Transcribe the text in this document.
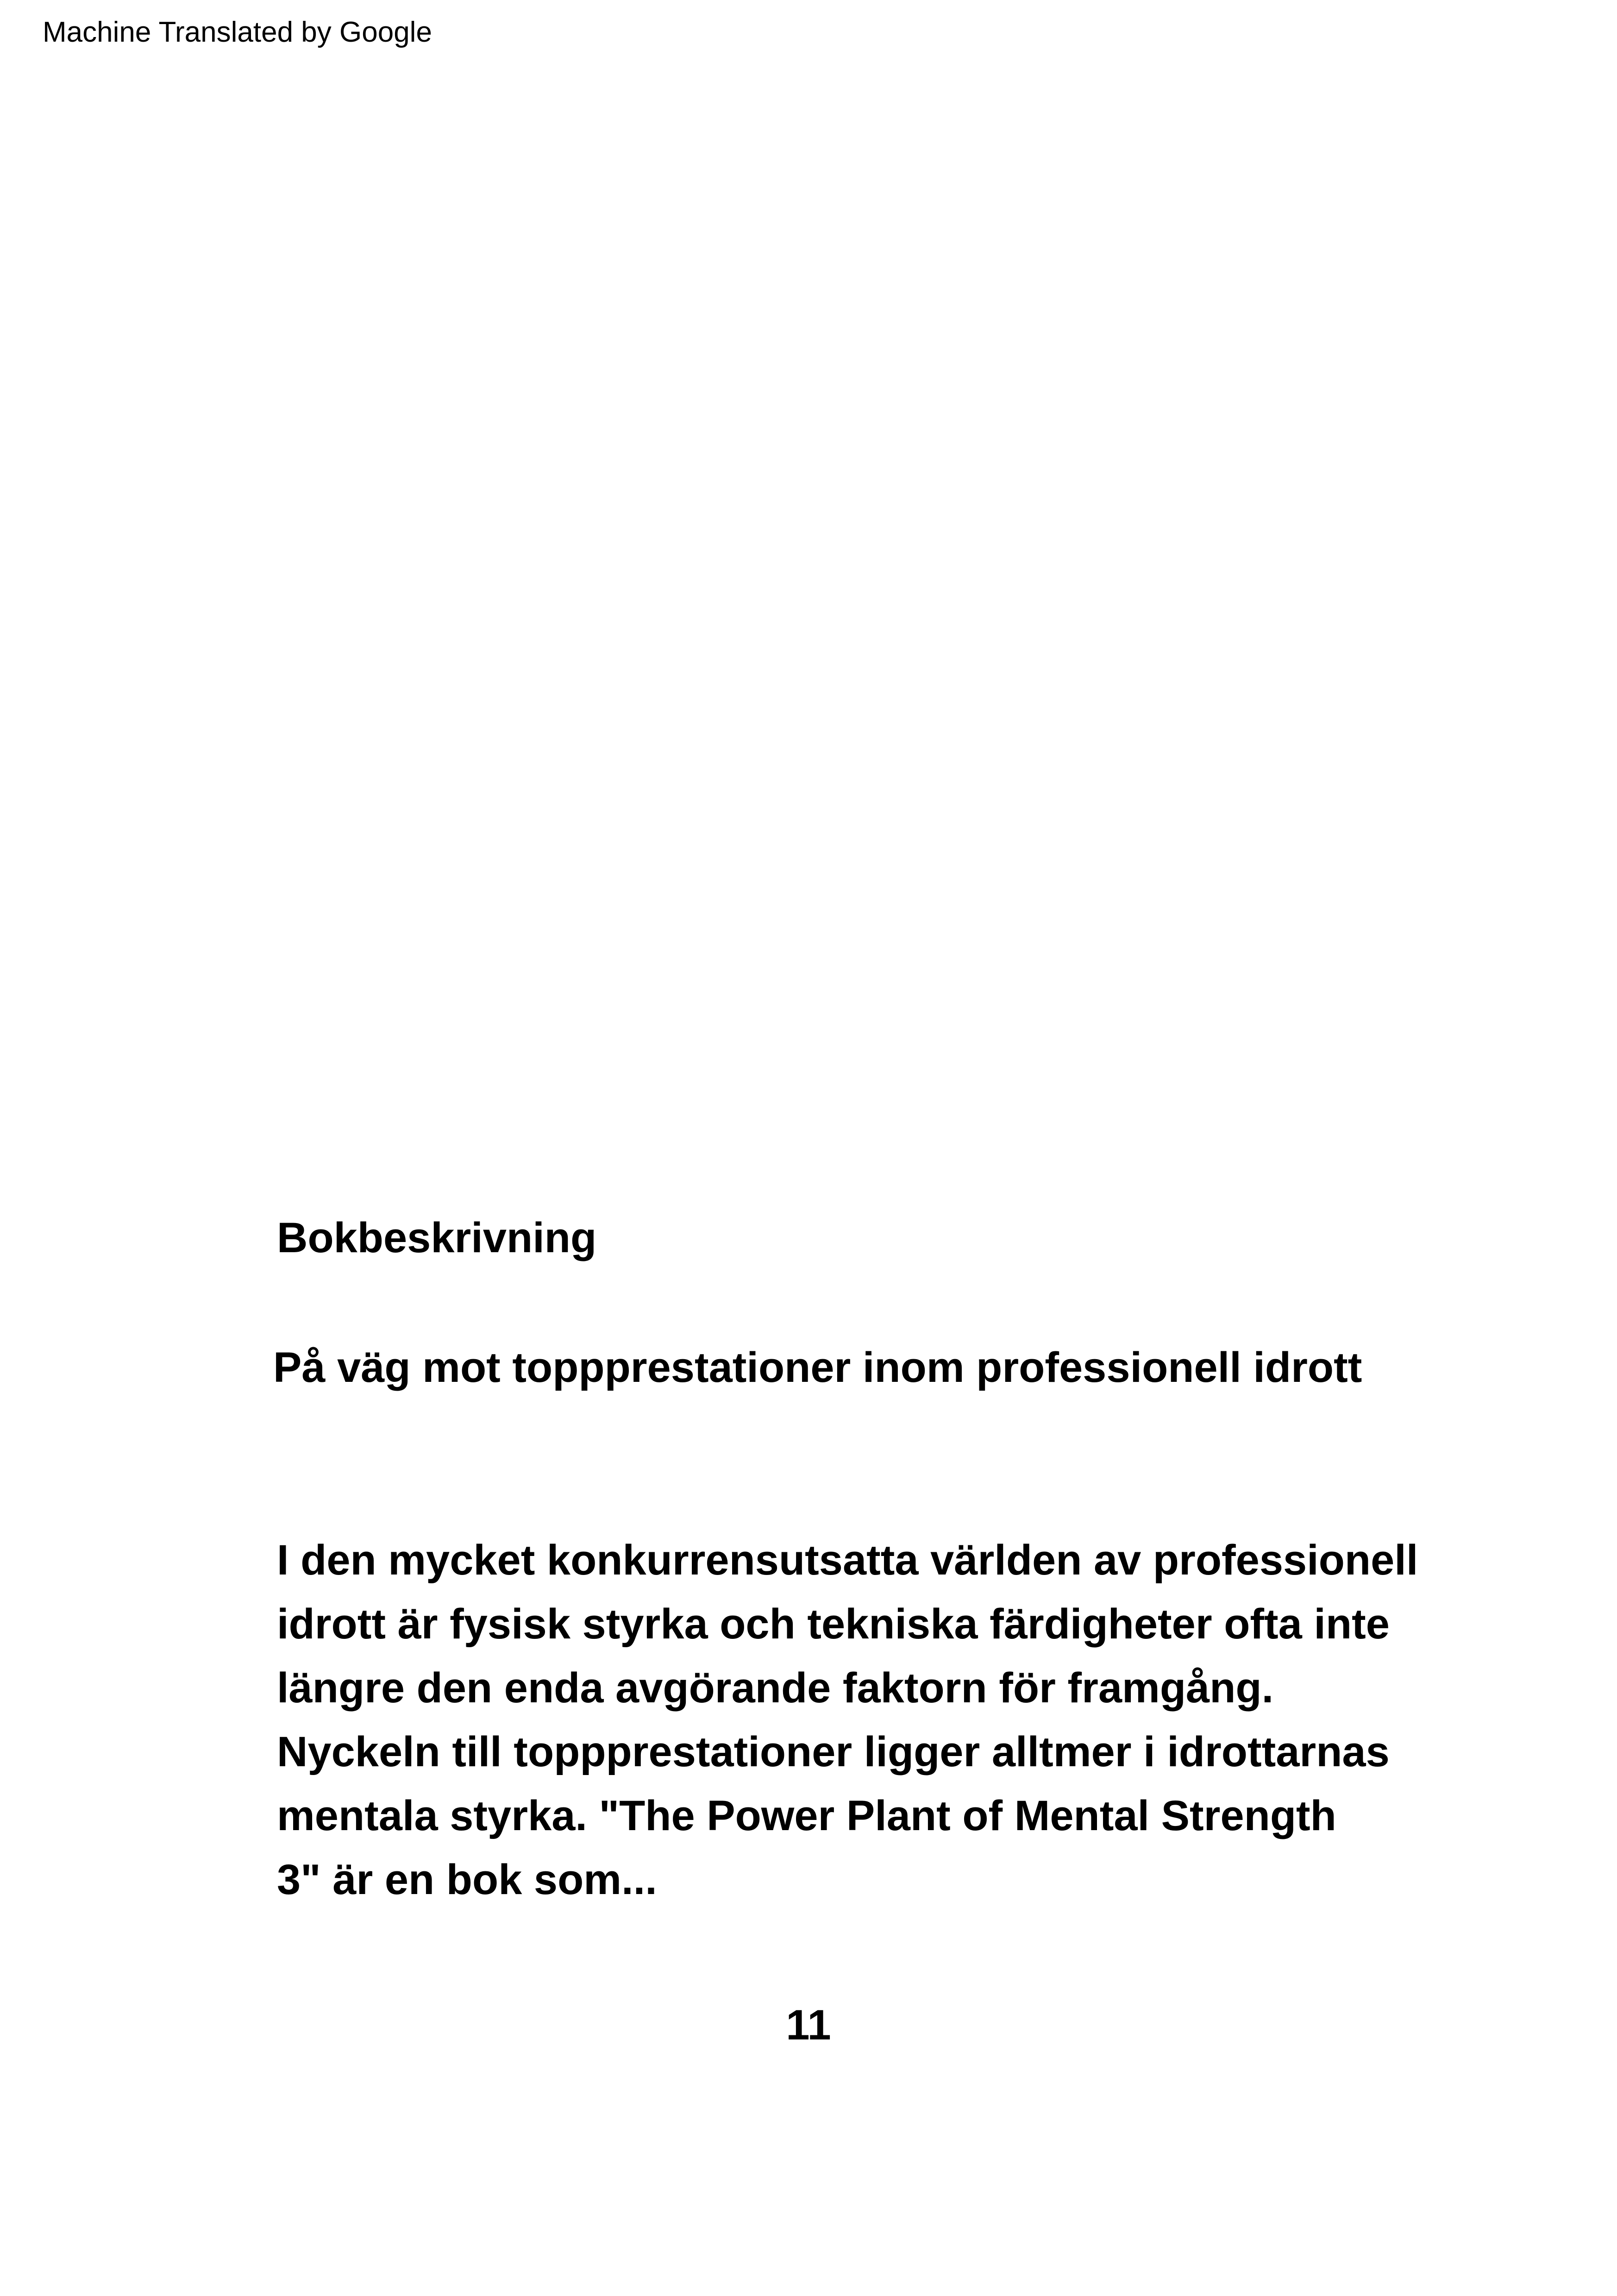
Machine Translated by Google
Bokbeskrivning
På väg mot toppprestationer inom professionell idrott
I den mycket konkurrensutsatta världen av professionell
idrott är fysisk styrka och tekniska färdigheter ofta inte
längre den enda avgörande faktorn för framgång.
Nyckeln till toppprestationer ligger alltmer i idrottarnas
mentala styrka. "The Power Plant of Mental Strength
3" är en bok som...
11
